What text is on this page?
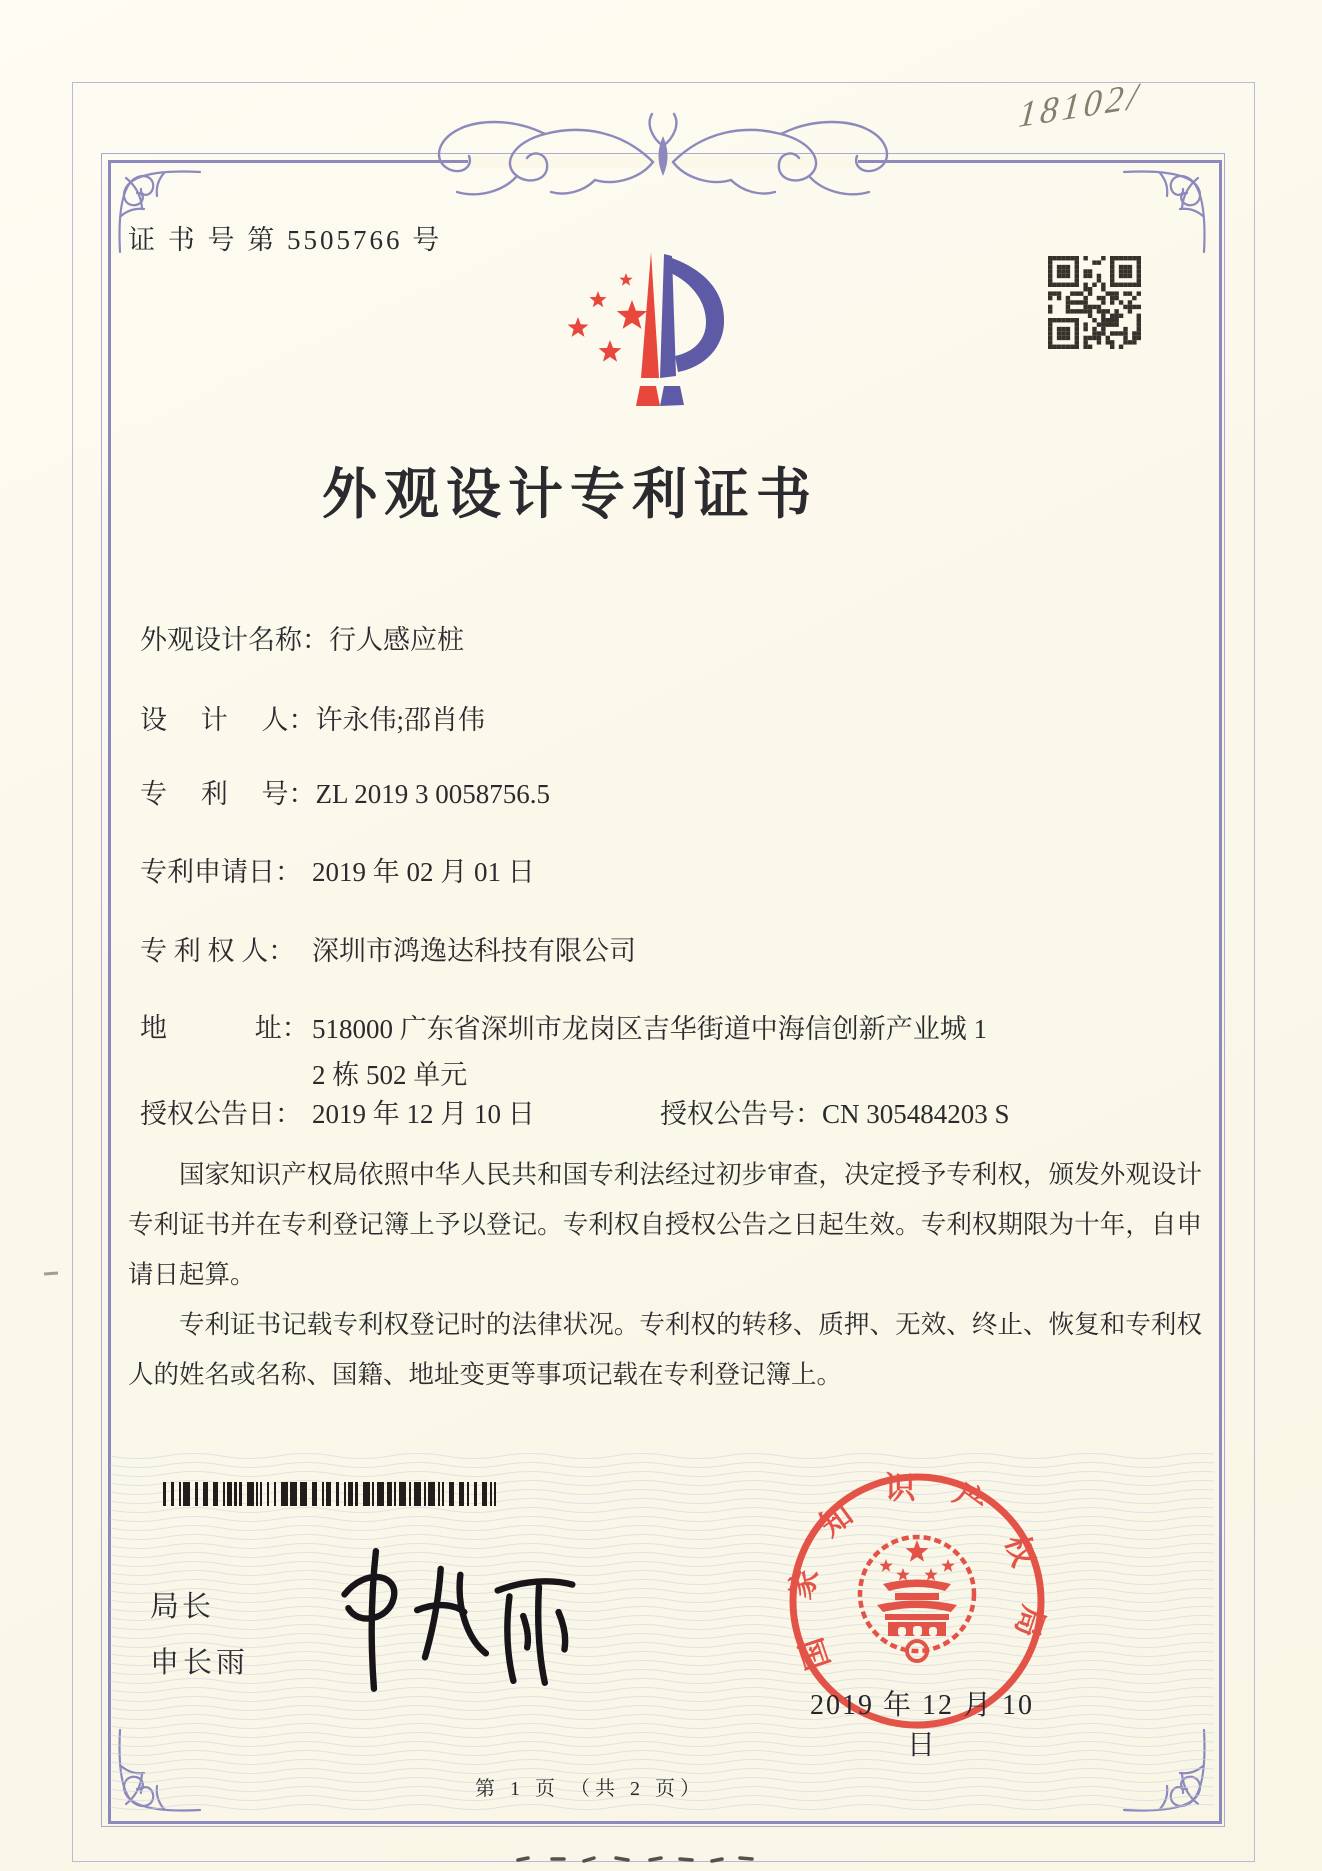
18102/
证 书 号 第 5505766 号
外观设计专利证书
外观设计名称：行人感应桩
设　 计　 人：许永伟;邵肖伟
专　 利　 号：ZL 2019 3 0058756.5
专利申请日： 2019 年 02 月 01 日
专 利 权 人： 深圳市鸿逸达科技有限公司
地　　　 址： 518000 广东省深圳市龙岗区吉华街道中海信创新产业城 1
2 栋 502 单元
授权公告日： 2019 年 12 月 10 日	授权公告号：CN 305484203 S

国家知识产权局依照中华人民共和国专利法经过初步审查，决定授予专利权，颁发外观设计专利证书并在专利登记簿上予以登记。专利权自授权公告之日起生效。专利权期限为十年，自申请日起算。

专利证书记载专利权登记时的法律状况。专利权的转移、质押、无效、终止、恢复和专利权人的姓名或名称、国籍、地址变更等事项记载在专利登记簿上。

局长
申长雨	国家知识产权局
2019 年 12 月 10 日
第 1 页 （共 2 页）
